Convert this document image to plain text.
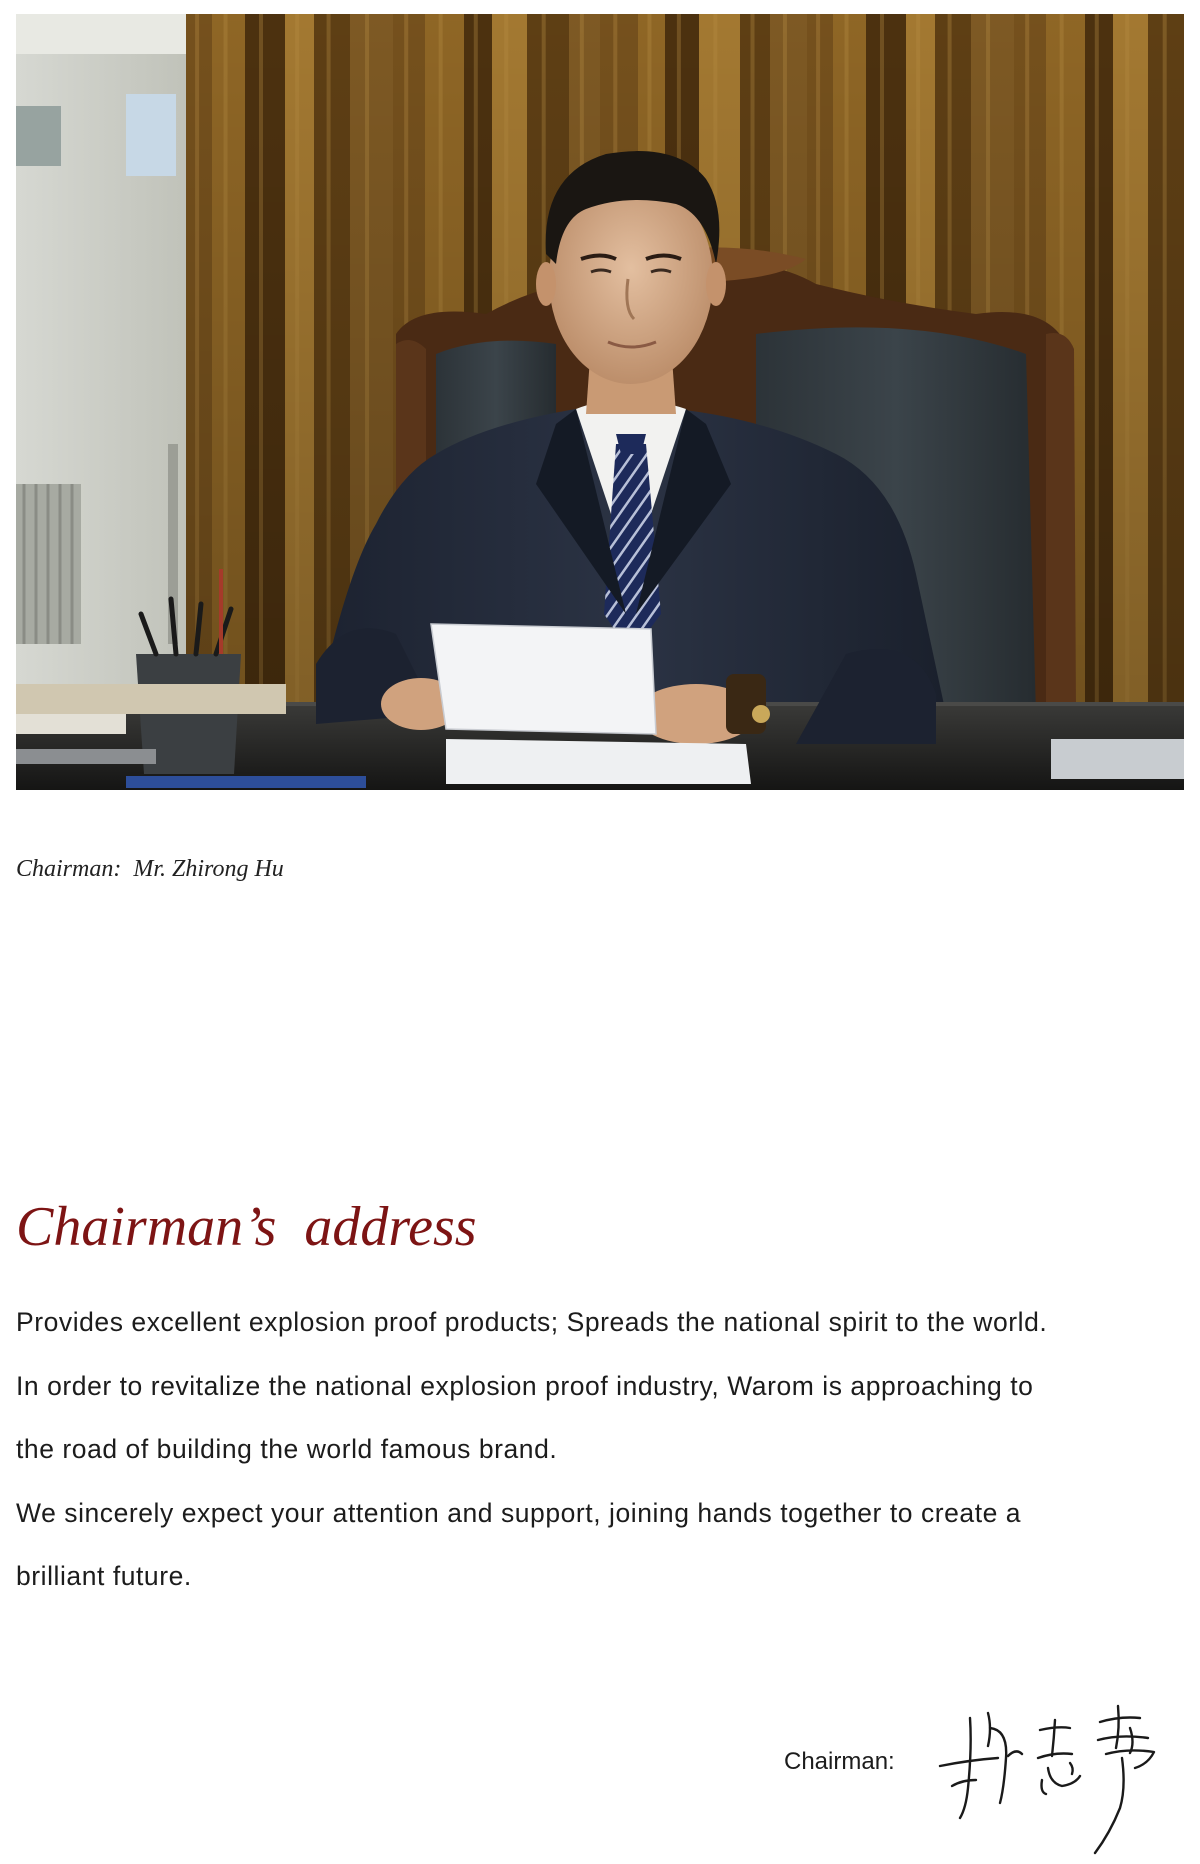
Chairman:  Mr. Zhirong Hu
Chairman’s  address

Provides excellent explosion proof products; Spreads the national spirit to the world.

In order to revitalize the national explosion proof industry, Warom is approaching to

the road of building the world famous brand.

We sincerely expect your attention and support, joining hands together to create a

brilliant future.

Chairman:
